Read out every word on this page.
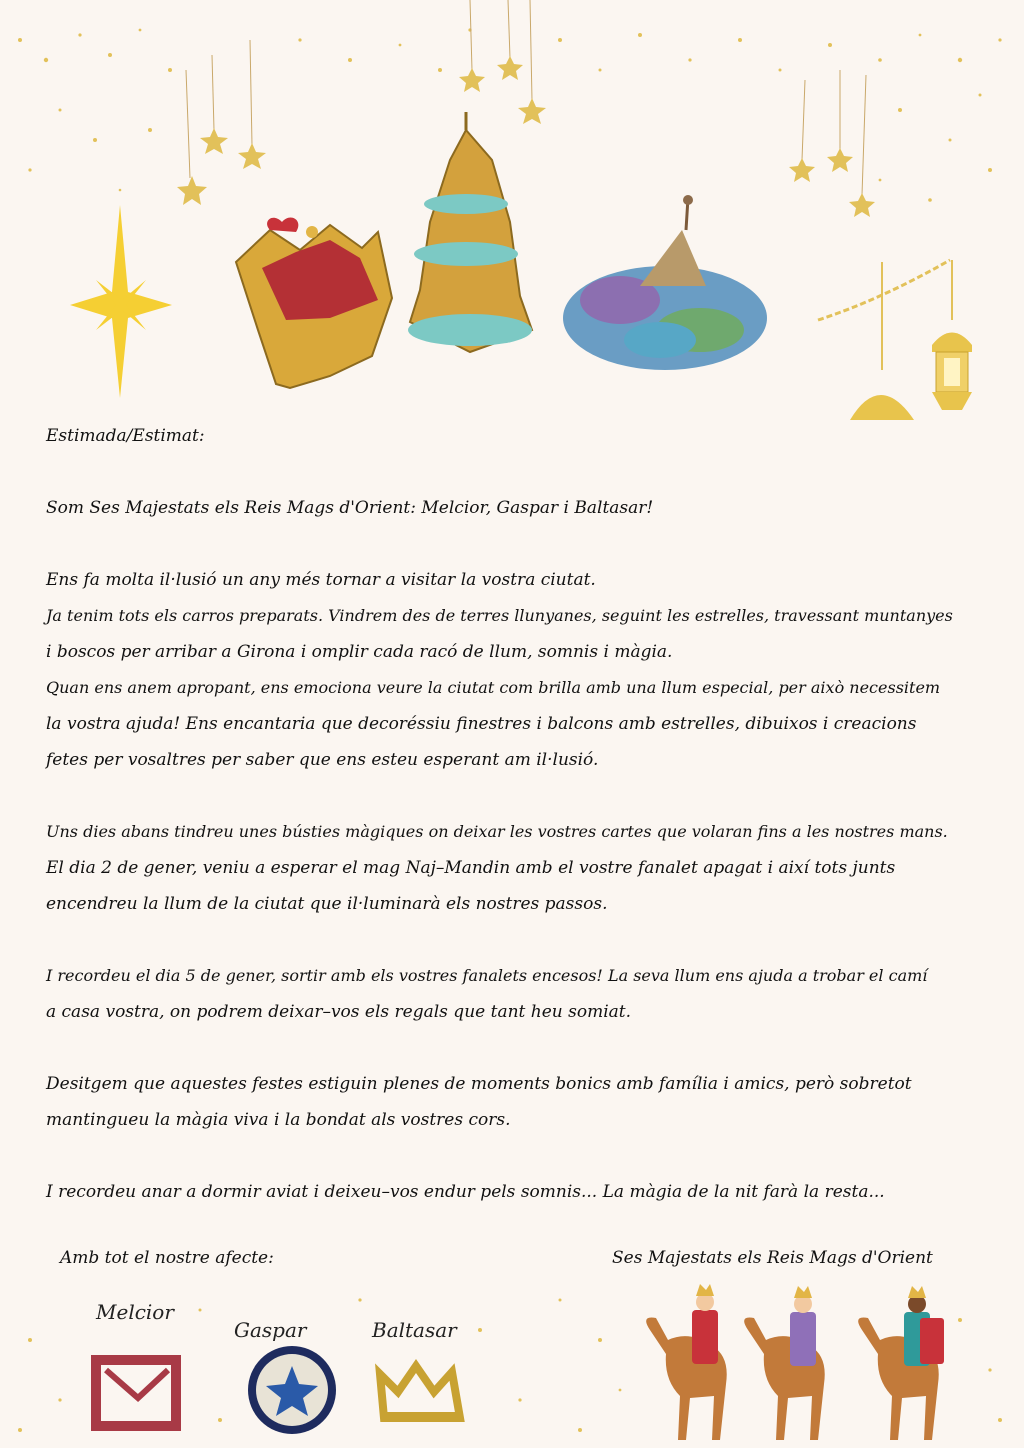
Estimada/Estimat:
Som Ses Majestats els Reis Mags d'Orient: Melcior, Gaspar i Baltasar!
Ens fa molta il·lusió un any més tornar a visitar la vostra ciutat.
Ja tenim tots els carros preparats. Vindrem des de terres llunyanes, seguint les estrelles, travessant muntanyes
i boscos per arribar a Girona i omplir cada racó de llum, somnis i màgia.
Quan ens anem apropant, ens emociona veure la ciutat com brilla amb una llum especial, per això necessitem
la vostra ajuda! Ens encantaria que decoréssiu finestres i balcons amb estrelles, dibuixos i creacions
fetes per vosaltres per saber que ens esteu esperant am il·lusió.
Uns dies abans tindreu unes bústies màgiques on deixar les vostres cartes que volaran fins a les nostres mans.
El dia 2 de gener, veniu a esperar el mag Naj–Mandin amb el vostre fanalet apagat i així tots junts
encendreu la llum de la ciutat que il·luminarà els nostres passos.
I recordeu el dia 5 de gener, sortir amb els vostres fanalets encesos! La seva llum ens ajuda a trobar el camí
a casa vostra, on podrem deixar–vos els regals que tant heu somiat.
Desitgem que aquestes festes estiguin plenes de moments bonics amb família i amics, però sobretot
mantingueu la màgia viva i la bondat als vostres cors.
I recordeu anar a dormir aviat i deixeu–vos endur pels somnis... La màgia de la nit farà la resta...
Amb tot el nostre afecte:	Ses Majestats els Reis Mags d'Orient
Melcior
Gaspar	Baltasar
